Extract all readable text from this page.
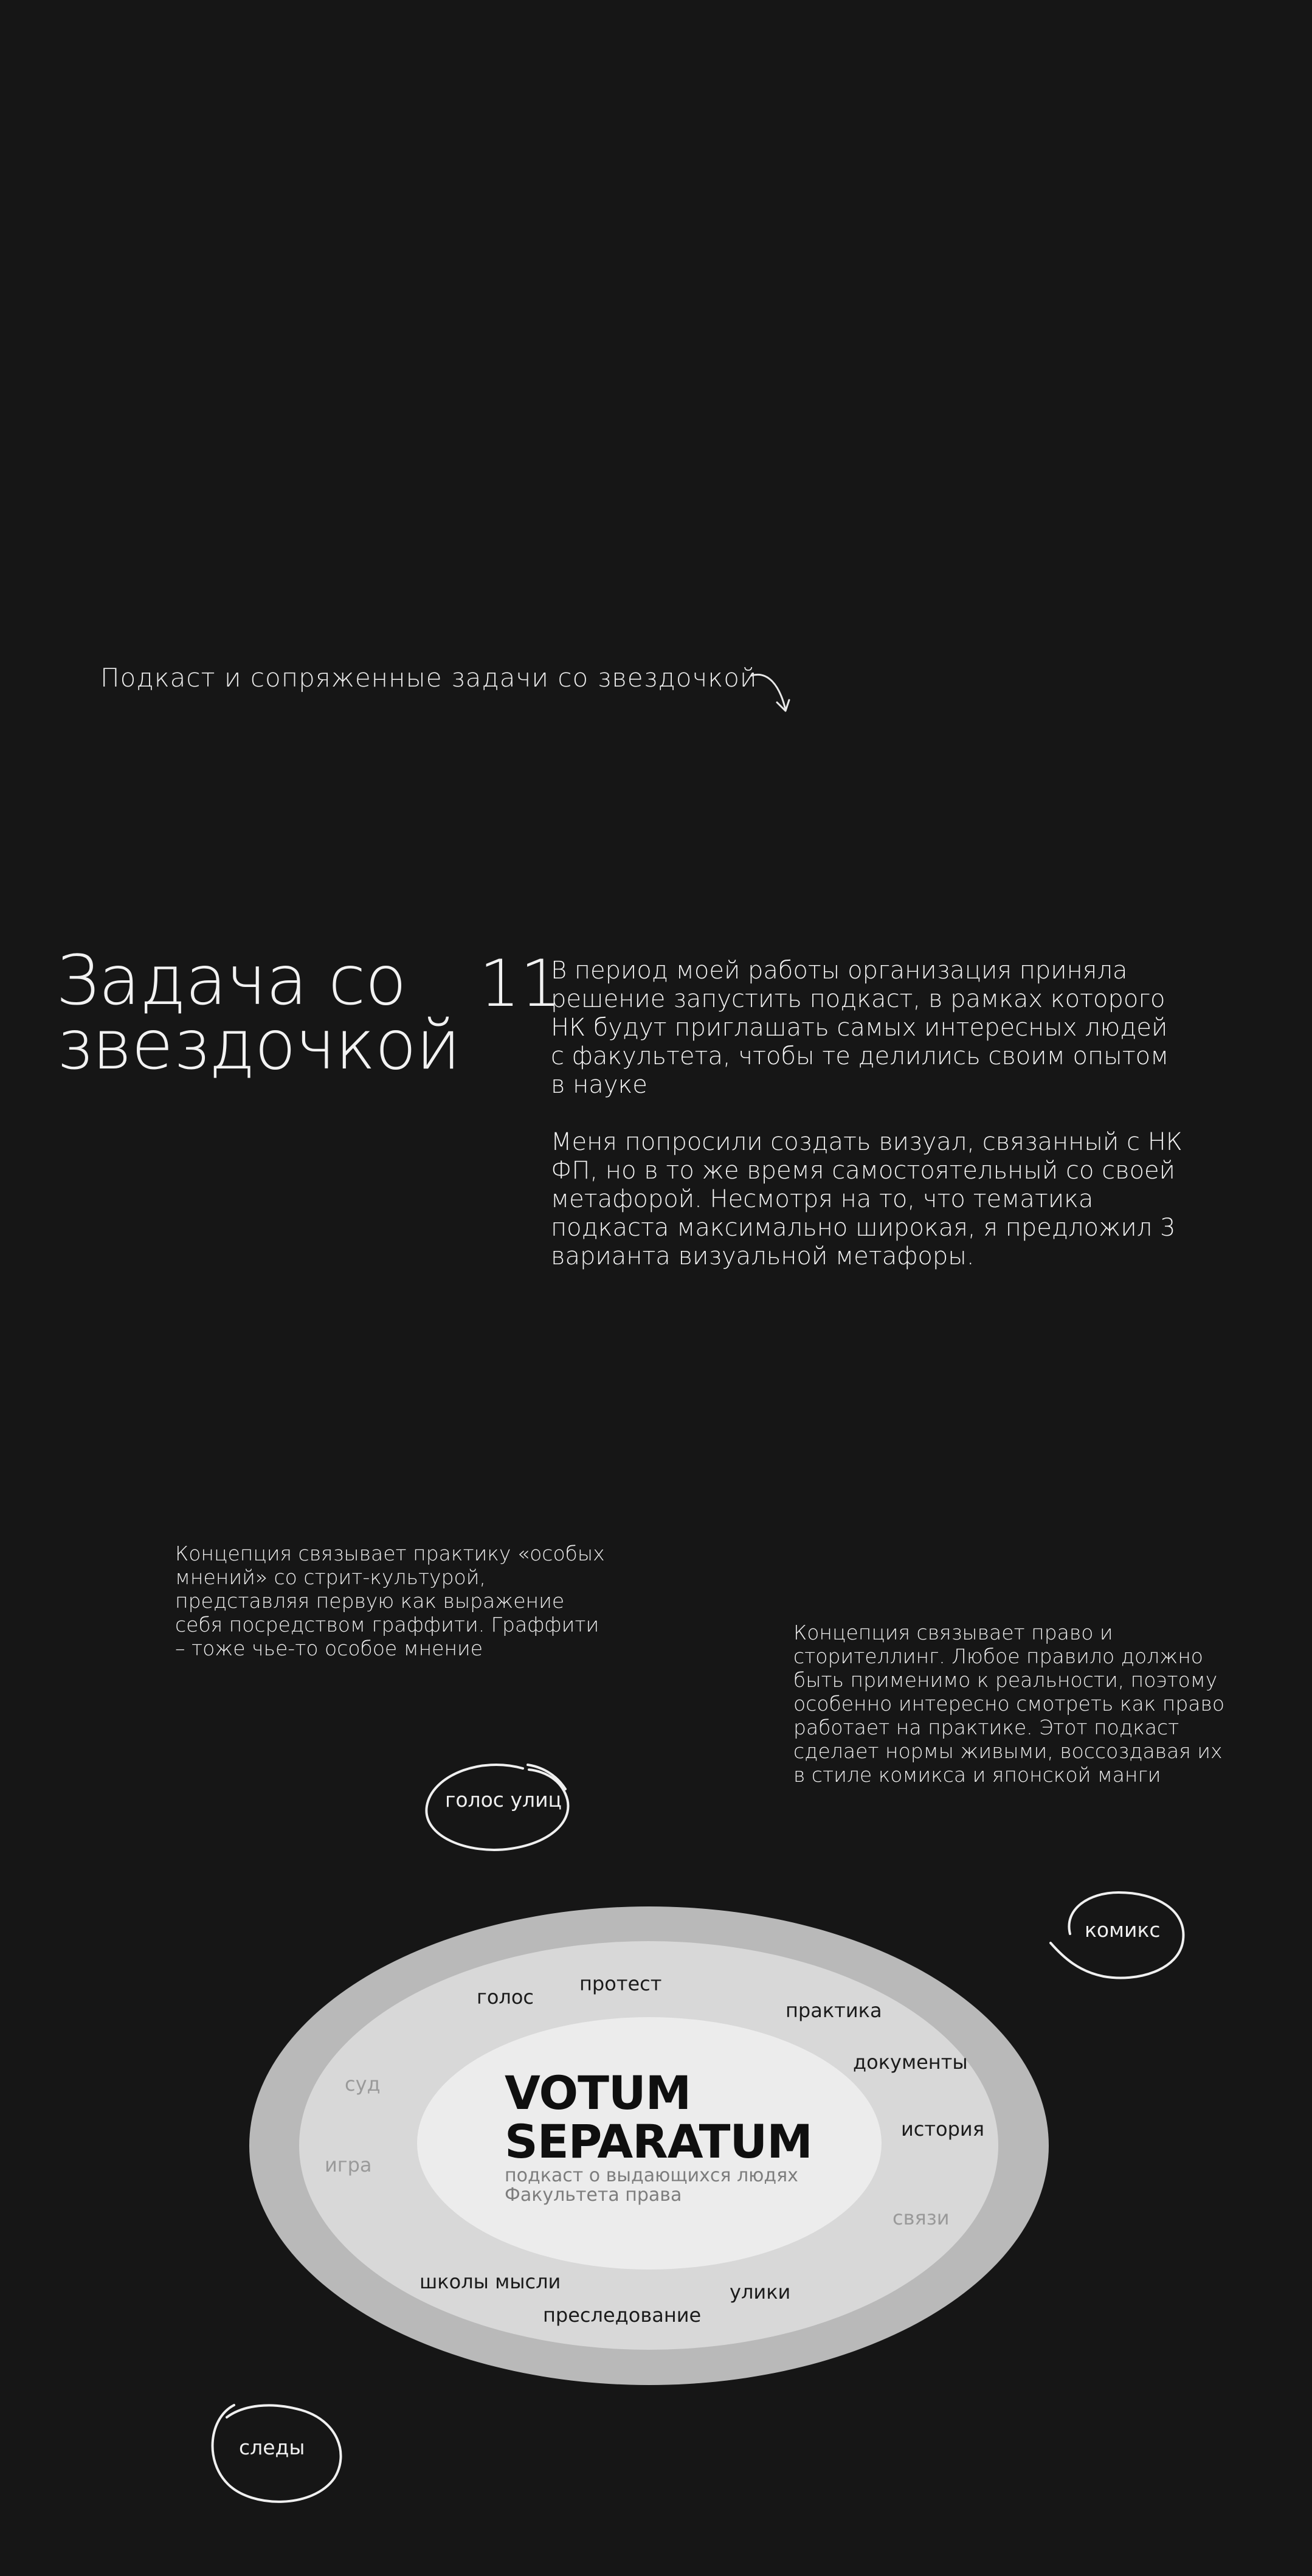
Подкаст и сопряженные задачи со звездочкой
Задача со
звездочкой
11

В период моей работы организация приняла решение запустить подкаст, в рамках которого НК будут приглашать самых интересных людей с факультета, чтобы те делились своим опытом в науке

Меня попросили создать визуал, связанный с НК ФП, но в то же время самостоятельный со своей метафорой. Несмотря на то, что тематика подкаста максимально широкая, я предложил 3 варианта визуальной метафоры.

Концепция связывает практику «особых мнений» со стрит-культурой, представляя первую как выражение себя посредством граффити. Граффити – тоже чье-то особое мнение

Концепция связывает право и сторителлинг. Любое правило должно быть применимо к реальности, поэтому особенно интересно смотреть как право работает на практике. Этот подкаст сделает нормы живыми, воссоздавая их в стиле комикса и японской манги

голос улиц
комикс
голос
протест
практика
документы
история
связи
суд
игра
школы мысли
преследование
улики
VOTUM
SEPARATUM
подкаст о выдающихся людях
Факультета права
следы
